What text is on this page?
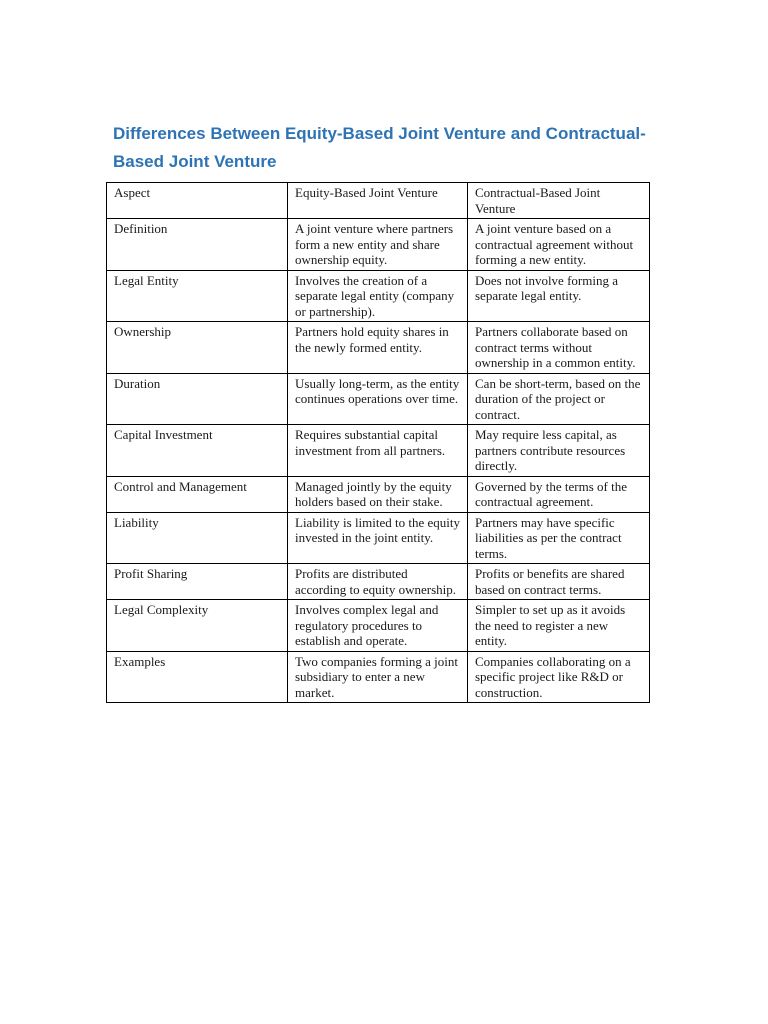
Differences Between Equity-Based Joint Venture and Contractual-Based Joint Venture
Aspect	Equity-Based Joint Venture	Contractual-Based Joint Venture
Definition	A joint venture where partners form a new entity and share ownership equity.	A joint venture based on a contractual agreement without forming a new entity.
Legal Entity	Involves the creation of a separate legal entity (company or partnership).	Does not involve forming a separate legal entity.
Ownership	Partners hold equity shares in the newly formed entity.	Partners collaborate based on contract terms without ownership in a common entity.
Duration	Usually long-term, as the entity continues operations over time.	Can be short-term, based on the duration of the project or contract.
Capital Investment	Requires substantial capital investment from all partners.	May require less capital, as partners contribute resources directly.
Control and Management	Managed jointly by the equity holders based on their stake.	Governed by the terms of the contractual agreement.
Liability	Liability is limited to the equity invested in the joint entity.	Partners may have specific liabilities as per the contract terms.
Profit Sharing	Profits are distributed according to equity ownership.	Profits or benefits are shared based on contract terms.
Legal Complexity	Involves complex legal and regulatory procedures to establish and operate.	Simpler to set up as it avoids the need to register a new entity.
Examples	Two companies forming a joint subsidiary to enter a new market.	Companies collaborating on a specific project like R&D or construction.
